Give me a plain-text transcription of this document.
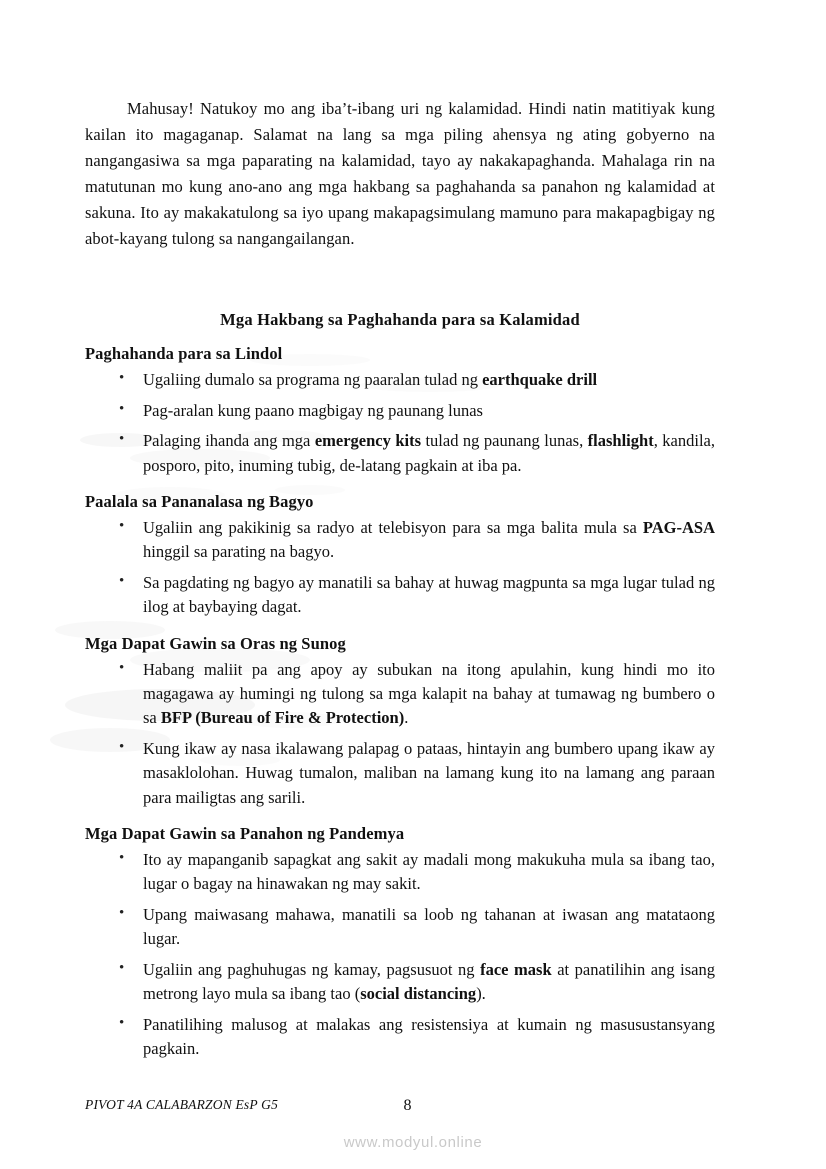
Mahusay! Natukoy mo ang iba’t-ibang uri ng kalamidad. Hindi natin matitiyak kung kailan ito magaganap. Salamat na lang sa mga piling ahensya ng ating gobyerno na nangangasiwa sa mga paparating na kalamidad, tayo ay nakakapaghanda. Mahalaga rin na matutunan mo kung ano-ano ang mga hakbang sa paghahanda sa panahon ng kalamidad at sakuna. Ito ay makakatulong sa iyo upang makapagsimulang mamuno para makapagbigay ng abot-kayang tulong sa nangangailangan.

Mga Hakbang sa Paghahanda para sa Kalamidad
Paghahanda para sa Lindol
• Ugaliing dumalo sa programa ng paaralan tulad ng earthquake drill
• Pag-aralan kung paano magbigay ng paunang lunas
• Palaging ihanda ang mga emergency kits tulad ng paunang lunas, flashlight, kandila, posporo, pito, inuming tubig, de-latang pagkain at iba pa.
Paalala sa Pananalasa ng Bagyo
• Ugaliin ang pakikinig sa radyo at telebisyon para sa mga balita mula sa PAG-ASA hinggil sa parating na bagyo.
• Sa pagdating ng bagyo ay manatili sa bahay at huwag magpunta sa mga lugar tulad ng ilog at baybaying dagat.
Mga Dapat Gawin sa Oras ng Sunog
• Habang maliit pa ang apoy ay subukan na itong apulahin, kung hindi mo ito magagawa ay humingi ng tulong sa mga kalapit na bahay at tumawag ng bumbero o sa BFP (Bureau of Fire & Protection).
• Kung ikaw ay nasa ikalawang palapag o pataas, hintayin ang bumbero upang ikaw ay masaklolohan. Huwag tumalon, maliban na lamang kung ito na lamang ang paraan para mailigtas ang sarili.
Mga Dapat Gawin sa Panahon ng Pandemya
• Ito ay mapanganib sapagkat ang sakit ay madali mong makukuha mula sa ibang tao, lugar o bagay na hinawakan ng may sakit.
• Upang maiwasang mahawa, manatili sa loob ng tahanan at iwasan ang matataong lugar.
• Ugaliin ang paghuhugas ng kamay, pagsusuot ng face mask at panatilihin ang isang metrong layo mula sa ibang tao (social distancing).
• Panatilihing malusog at malakas ang resistensiya at kumain ng masusustansyang pagkain.
PIVOT 4A CALABARZON EsP G5	8
www.modyul.online
